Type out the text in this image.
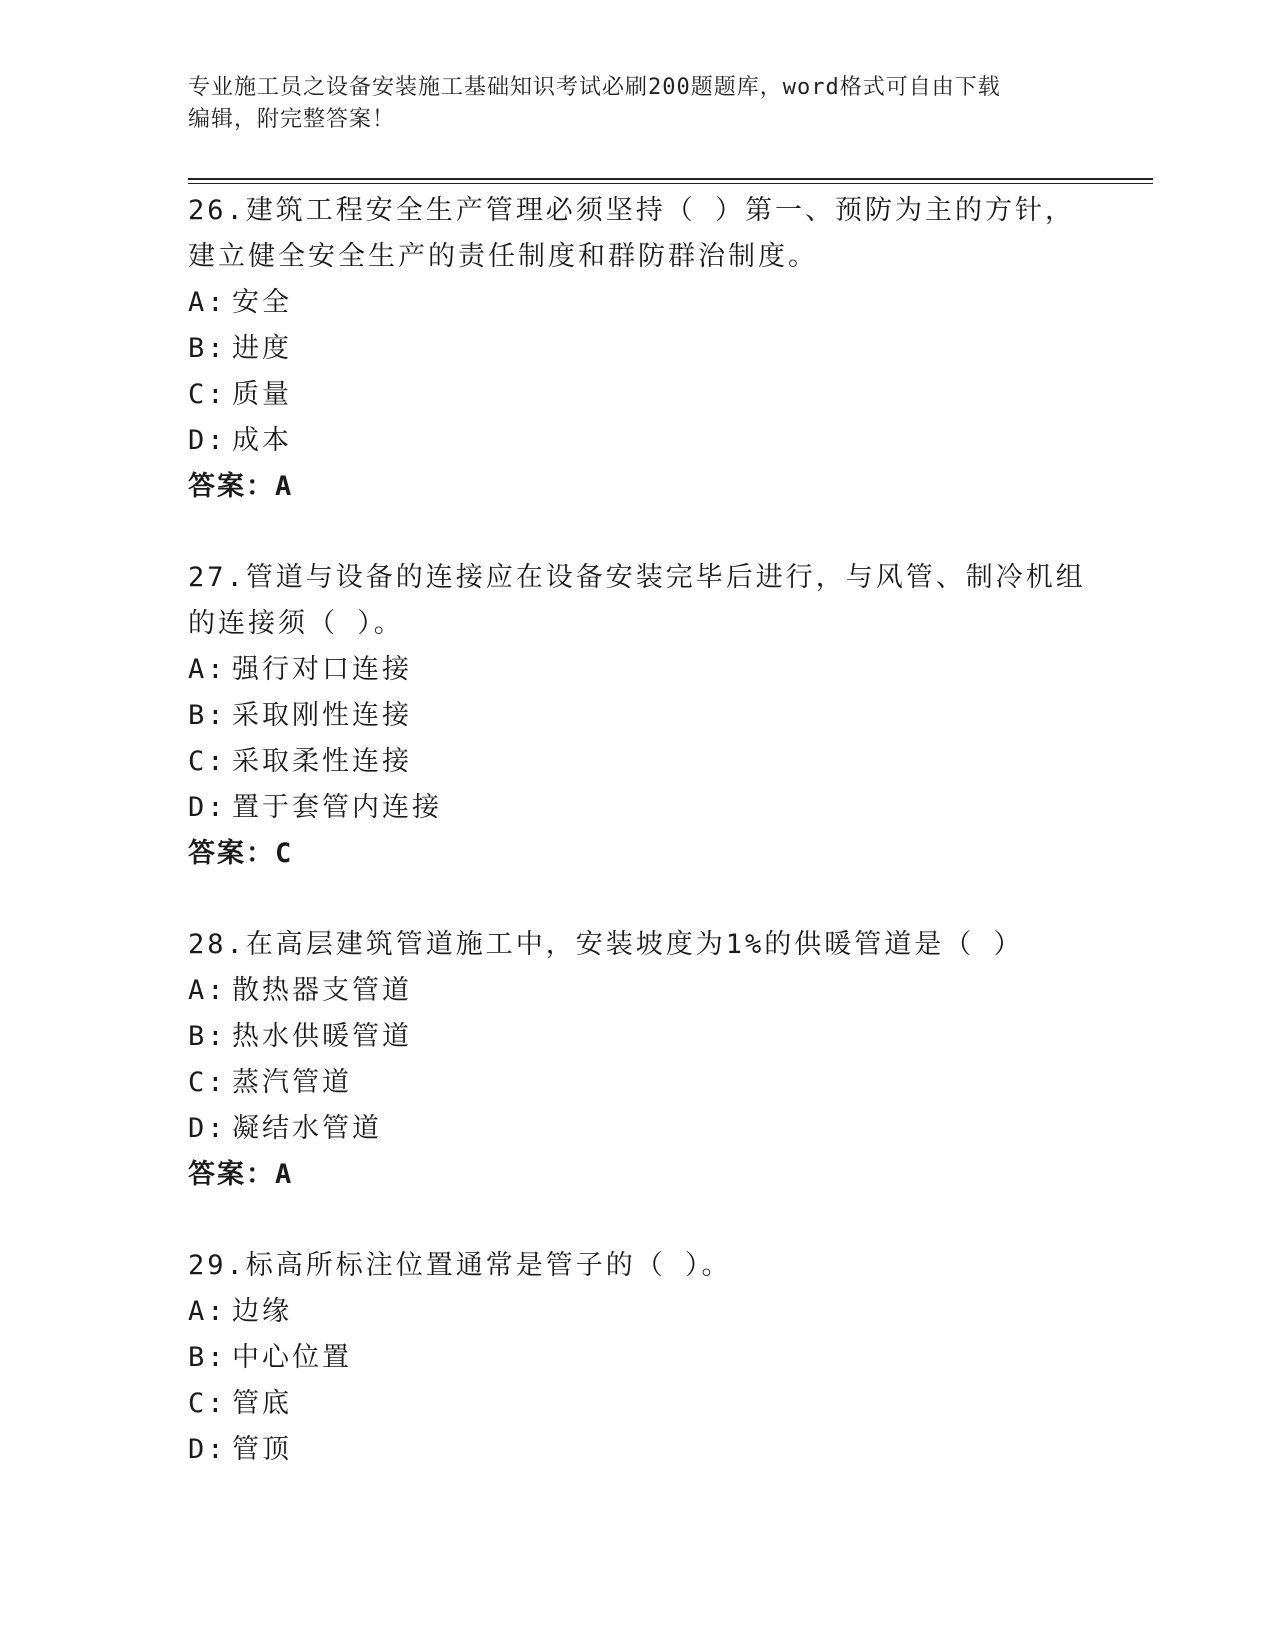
专业施工员之设备安装施工基础知识考试必刷200题题库，word格式可自由下载
编辑，附完整答案！

26.建筑工程安全生产管理必须坚持（ ）第一、预防为主的方针，建立健全安全生产的责任制度和群防群治制度。

A: 安全
B: 进度
C: 质量
D: 成本

答案：A

27.管道与设备的连接应在设备安装完毕后进行，与风管、制冷机组的连接须（ ）。

A: 强行对口连接
B: 采取刚性连接
C: 采取柔性连接
D: 置于套管内连接

答案：C

28.在高层建筑管道施工中，安装坡度为1%的供暖管道是（ ）

A: 散热器支管道
B: 热水供暖管道
C: 蒸汽管道
D: 凝结水管道

答案：A

29.标高所标注位置通常是管子的（ ）。

A: 边缘
B: 中心位置
C: 管底
D: 管顶
